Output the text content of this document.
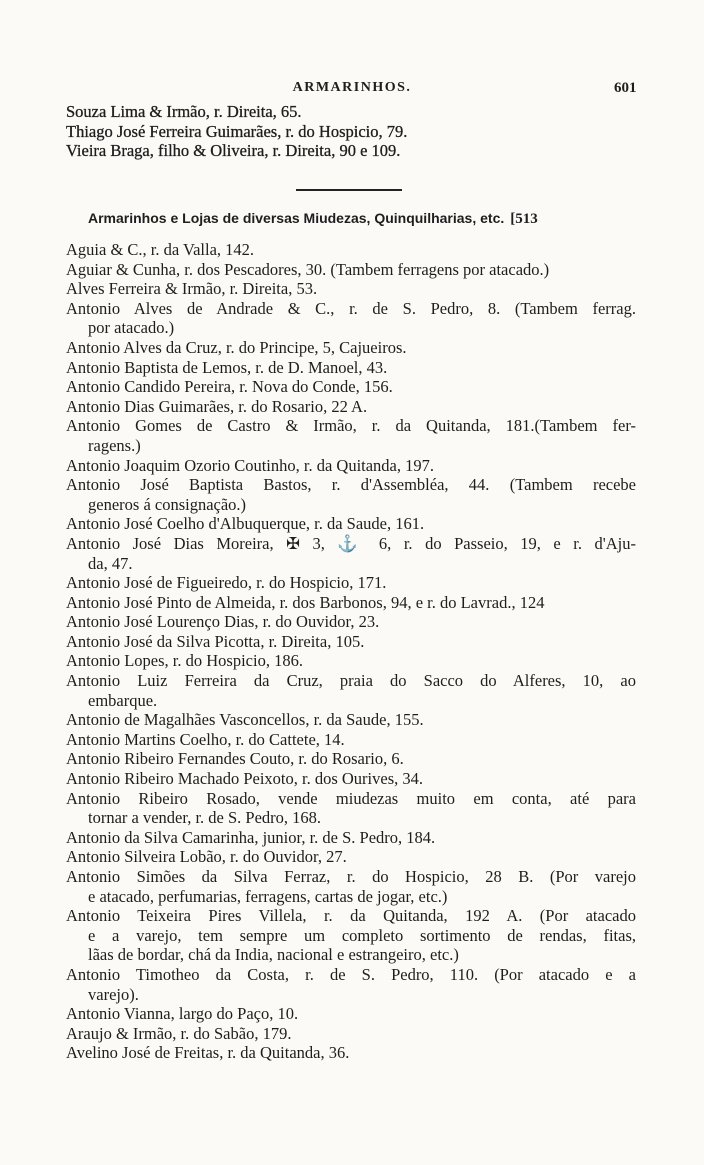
ARMARINHOS.	601
Souza Lima & Irmão, r. Direita, 65.
Thiago José Ferreira Guimarães, r. do Hospicio, 79.
Vieira Braga, filho & Oliveira, r. Direita, 90 e 109.
Armarinhos e Lojas de diversas Miudezas, Quinquilharias, etc. [513
Aguia & C., r. da Valla, 142.
Aguiar & Cunha, r. dos Pescadores, 30. (Tambem ferragens por atacado.)
Alves Ferreira & Irmão, r. Direita, 53.
Antonio Alves de Andrade & C., r. de S. Pedro, 8. (Tambem ferrag.
por atacado.)
Antonio Alves da Cruz, r. do Principe, 5, Cajueiros.
Antonio Baptista de Lemos, r. de D. Manoel, 43.
Antonio Candido Pereira, r. Nova do Conde, 156.
Antonio Dias Guimarães, r. do Rosario, 22 A.
Antonio Gomes de Castro & Irmão, r. da Quitanda, 181.(Tambem fer-
ragens.)
Antonio Joaquim Ozorio Coutinho, r. da Quitanda, 197.
Antonio José Baptista Bastos, r. d'Assembléa, 44. (Tambem recebe
generos á consignação.)
Antonio José Coelho d'Albuquerque, r. da Saude, 161.
Antonio José Dias Moreira, ✠ 3, ⚓ 6, r. do Passeio, 19, e r. d'Aju-
da, 47.
Antonio José de Figueiredo, r. do Hospicio, 171.
Antonio José Pinto de Almeida, r. dos Barbonos, 94, e r. do Lavrad., 124
Antonio José Lourenço Dias, r. do Ouvidor, 23.
Antonio José da Silva Picotta, r. Direita, 105.
Antonio Lopes, r. do Hospicio, 186.
Antonio Luiz Ferreira da Cruz, praia do Sacco do Alferes, 10, ao
embarque.
Antonio de Magalhães Vasconcellos, r. da Saude, 155.
Antonio Martins Coelho, r. do Cattete, 14.
Antonio Ribeiro Fernandes Couto, r. do Rosario, 6.
Antonio Ribeiro Machado Peixoto, r. dos Ourives, 34.
Antonio Ribeiro Rosado, vende miudezas muito em conta, até para
tornar a vender, r. de S. Pedro, 168.
Antonio da Silva Camarinha, junior, r. de S. Pedro, 184.
Antonio Silveira Lobão, r. do Ouvidor, 27.
Antonio Simões da Silva Ferraz, r. do Hospicio, 28 B. (Por varejo
e atacado, perfumarias, ferragens, cartas de jogar, etc.)
Antonio Teixeira Pires Villela, r. da Quitanda, 192 A. (Por atacado
e a varejo, tem sempre um completo sortimento de rendas, fitas,
lãas de bordar, chá da India, nacional e estrangeiro, etc.)
Antonio Timotheo da Costa, r. de S. Pedro, 110. (Por atacado e a
varejo).
Antonio Vianna, largo do Paço, 10.
Araujo & Irmão, r. do Sabão, 179.
Avelino José de Freitas, r. da Quitanda, 36.
